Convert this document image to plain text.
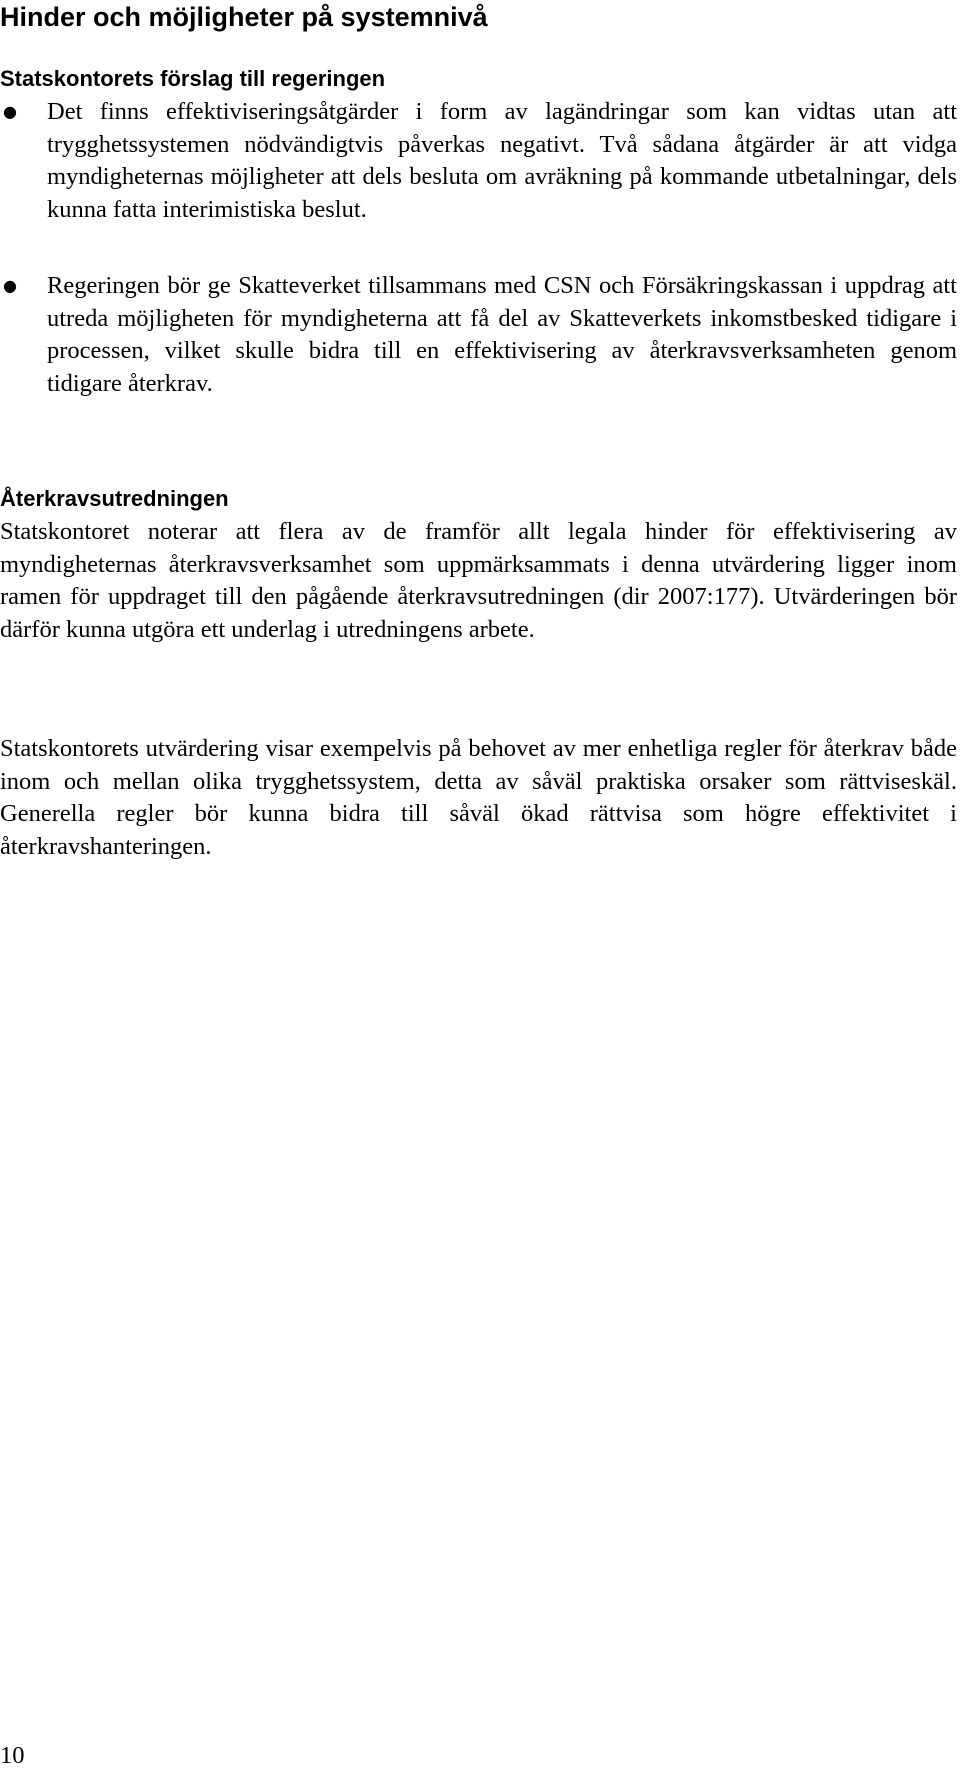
Hinder och möjligheter på systemnivå
Statskontorets förslag till regeringen
● Det finns effektiviseringsåtgärder i form av lagändringar som kan vidtas utan att trygghetssystemen nödvändigtvis påverkas negativt. Två sådana åtgärder är att vidga myndigheternas möjligheter att dels besluta om avräkning på kommande utbetalningar, dels kunna fatta interimistiska beslut.

● Regeringen bör ge Skatteverket tillsammans med CSN och Försäkringskassan i uppdrag att utreda möjligheten för myndigheterna att få del av Skatteverkets inkomstbesked tidigare i processen, vilket skulle bidra till en effektivisering av återkravsverksamheten genom tidigare återkrav.

Återkravsutredningen

Statskontoret noterar att flera av de framför allt legala hinder för effektivisering av myndigheternas återkravsverksamhet som uppmärksammats i denna utvärdering ligger inom ramen för uppdraget till den pågående återkravsutredningen (dir 2007:177). Utvärderingen bör därför kunna utgöra ett underlag i utredningens arbete.

Statskontorets utvärdering visar exempelvis på behovet av mer enhetliga regler för återkrav både inom och mellan olika trygghetssystem, detta av såväl praktiska orsaker som rättviseskäl. Generella regler bör kunna bidra till såväl ökad rättvisa som högre effektivitet i återkravshanteringen.

10
